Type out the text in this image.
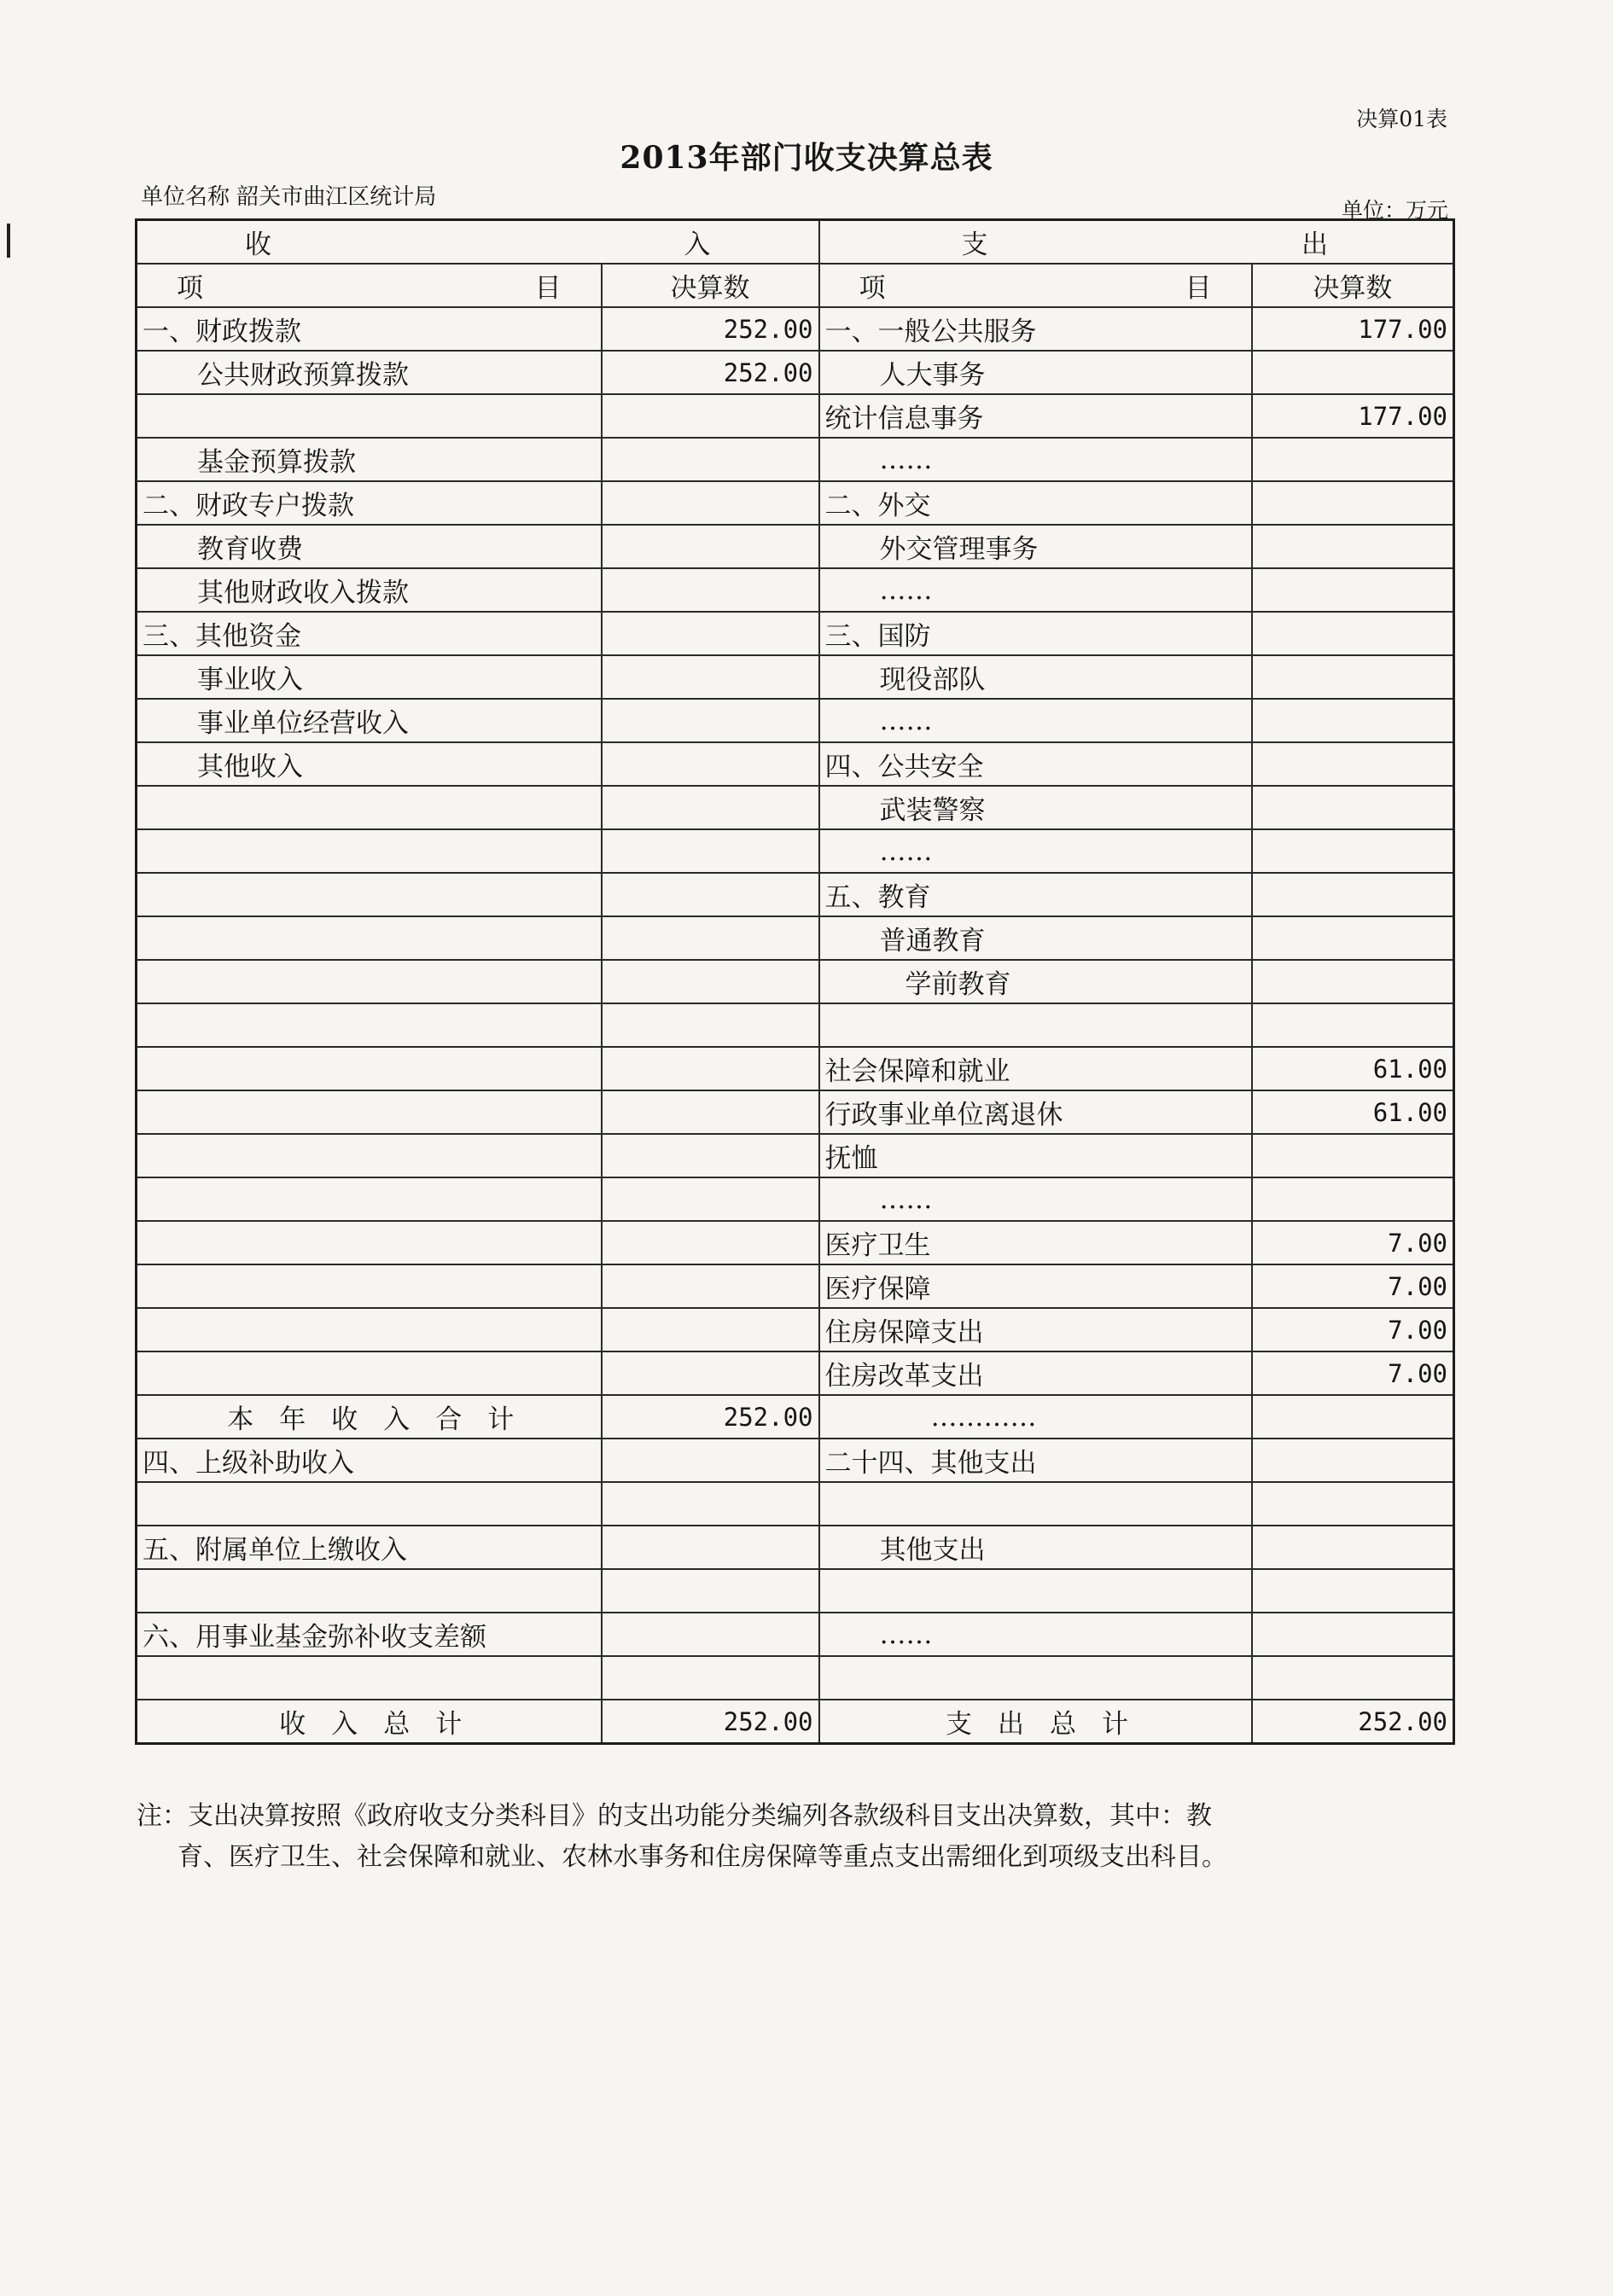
决算01表
2013年部门收支决算总表
单位名称 韶关市曲江区统计局
单位：万元
收 入		支 出	

项 目	决算数	项 目	决算数
一、财政拨款	252.00	一、一般公共服务	177.00
公共财政预算拨款	252.00	人大事务	
		统计信息事务	177.00
基金预算拨款		……	
二、财政专户拨款		二、外交	
教育收费		外交管理事务	
其他财政收入拨款		……	
三、其他资金		三、国防	
事业收入		现役部队	
事业单位经营收入		……	
其他收入		四、公共安全	
		武装警察	
		……	
		五、教育	
		普通教育	
		学前教育	

		社会保障和就业	61.00
		行政事业单位离退休	61.00
		抚恤	
		……	
		医疗卫生	7.00
		医疗保障	7.00
		住房保障支出	7.00
		住房改革支出	7.00
本年收入合计	252.00	…………	
四、上级补助收入		二十四、其他支出	

五、附属单位上缴收入		其他支出	

六、用事业基金弥补收支差额		……	

收入总计	252.00	支出总计	252.00
注：支出决算按照《政府收支分类科目》的支出功能分类编列各款级科目支出决算数，其中：教
育、医疗卫生、社会保障和就业、农林水事务和住房保障等重点支出需细化到项级支出科目。
